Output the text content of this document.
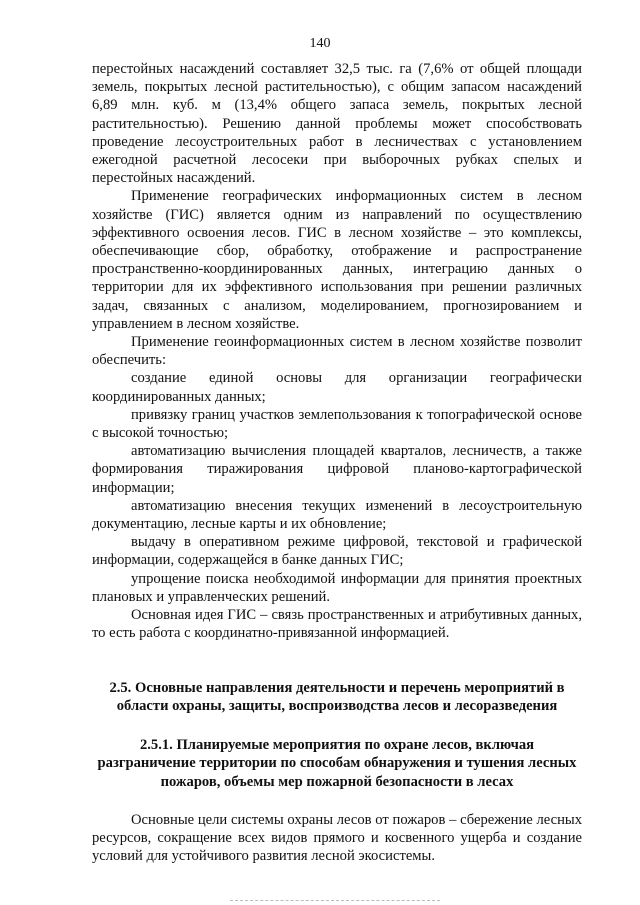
140

перестойных насаждений составляет 32,5 тыс. га (7,6% от общей площади земель, покрытых лесной растительностью), с общим запасом насаждений 6,89 млн. куб. м (13,4% общего запаса земель, покрытых лесной растительностью). Решению данной проблемы может способствовать проведение лесоустроительных работ в лесничествах с установлением ежегодной расчетной лесосеки при выборочных рубках спелых и перестойных насаждений.

Применение географических информационных систем в лесном хозяйстве (ГИС) является одним из направлений по осуществлению эффективного освоения лесов. ГИС в лесном хозяйстве – это комплексы, обеспечивающие сбор, обработку, отображение и распространение пространственно-координированных данных, интеграцию данных о территории для их эффективного использования при решении различных задач, связанных с анализом, моделированием, прогнозированием и управлением в лесном хозяйстве.

Применение геоинформационных систем в лесном хозяйстве позволит обеспечить:

создание единой основы для организации географически координированных данных;

привязку границ участков землепользования к топографической основе с высокой точностью;

автоматизацию вычисления площадей кварталов, лесничеств, а также формирования тиражирования цифровой планово-картографической информации;

автоматизацию внесения текущих изменений в лесоустроительную документацию, лесные карты и их обновление;

выдачу в оперативном режиме цифровой, текстовой и графической информации, содержащейся в банке данных ГИС;

упрощение поиска необходимой информации для принятия проектных плановых и управленческих решений.

Основная идея ГИС – связь пространственных и атрибутивных данных, то есть работа с координатно-привязанной информацией.

2.5. Основные направления деятельности и перечень мероприятий в области охраны, защиты, воспроизводства лесов и лесоразведения

2.5.1. Планируемые мероприятия по охране лесов, включая разграничение территории по способам обнаружения и тушения лесных пожаров, объемы мер пожарной безопасности в лесах

Основные цели системы охраны лесов от пожаров – сбережение лесных ресурсов, сокращение всех видов прямого и косвенного ущерба и создание условий для устойчивого развития лесной экосистемы.
